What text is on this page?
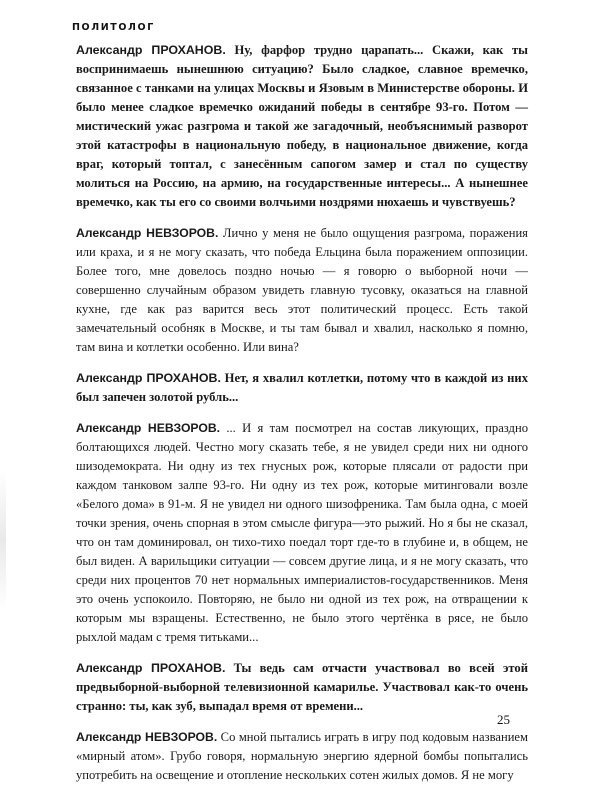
ПОЛИТОЛОГ

Александр ПРОХАНОВ. Ну, фарфор трудно царапать... Скажи, как ты воспринимаешь нынешнюю ситуацию? Было сладкое, славное времечко, связанное с танками на улицах Москвы и Язовым в Министерстве обороны. И было менее сладкое времечко ожиданий победы в сентябре 93-го. Потом — мистический ужас разгрома и такой же загадочный, необъяснимый разворот этой катастрофы в национальную победу, в национальное движение, когда враг, который топтал, с занесённым сапогом замер и стал по существу молиться на Россию, на армию, на государственные интересы... А нынешнее времечко, как ты его со своими волчьими ноздрями нюхаешь и чувствуешь?

Александр НЕВЗОРОВ. Лично у меня не было ощущения разгрома, поражения или краха, и я не могу сказать, что победа Ельцина была поражением оппозиции. Более того, мне довелось поздно ночью — я говорю о выборной ночи — совершенно случайным образом увидеть главную тусовку, оказаться на главной кухне, где как раз варится весь этот политический процесс. Есть такой замечательный особняк в Москве, и ты там бывал и хвалил, насколько я помню, там вина и котлетки особенно. Или вина?

Александр ПРОХАНОВ. Нет, я хвалил котлетки, потому что в каждой из них был запечен золотой рубль...

Александр НЕВЗОРОВ. ... И я там посмотрел на состав ликующих, праздно болтающихся людей. Честно могу сказать тебе, я не увидел среди них ни одного шизодемократа. Ни одну из тех гнусных рож, которые плясали от радости при каждом танковом залпе 93-го. Ни одну из тех рож, которые митинговали возле «Белого дома» в 91-м. Я не увидел ни одного шизофреника. Там была одна, с моей точки зрения, очень спорная в этом смысле фигура—это рыжий. Но я бы не сказал, что он там доминировал, он тихо-тихо поедал торт где-то в глубине и, в общем, не был виден. А варильщики ситуации — совсем другие лица, и я не могу сказать, что среди них процентов 70 нет нормальных империалистов-государственников. Меня это очень успокоило. Повторяю, не было ни одной из тех рож, на отвращении к которым мы взращены. Естественно, не было этого чертёнка в рясе, не было рыхлой мадам с тремя титьками...

Александр ПРОХАНОВ. Ты ведь сам отчасти участвовал во всей этой предвыборной-выборной телевизионной камарилье. Участвовал как-то очень странно: ты, как зуб, выпадал время от времени...

Александр НЕВЗОРОВ. Со мной пытались играть в игру под кодовым названием «мирный атом». Грубо говоря, нормальную энергию ядерной бомбы попытались употребить на освещение и отопление нескольких сотен жилых домов. Я не могу

25
